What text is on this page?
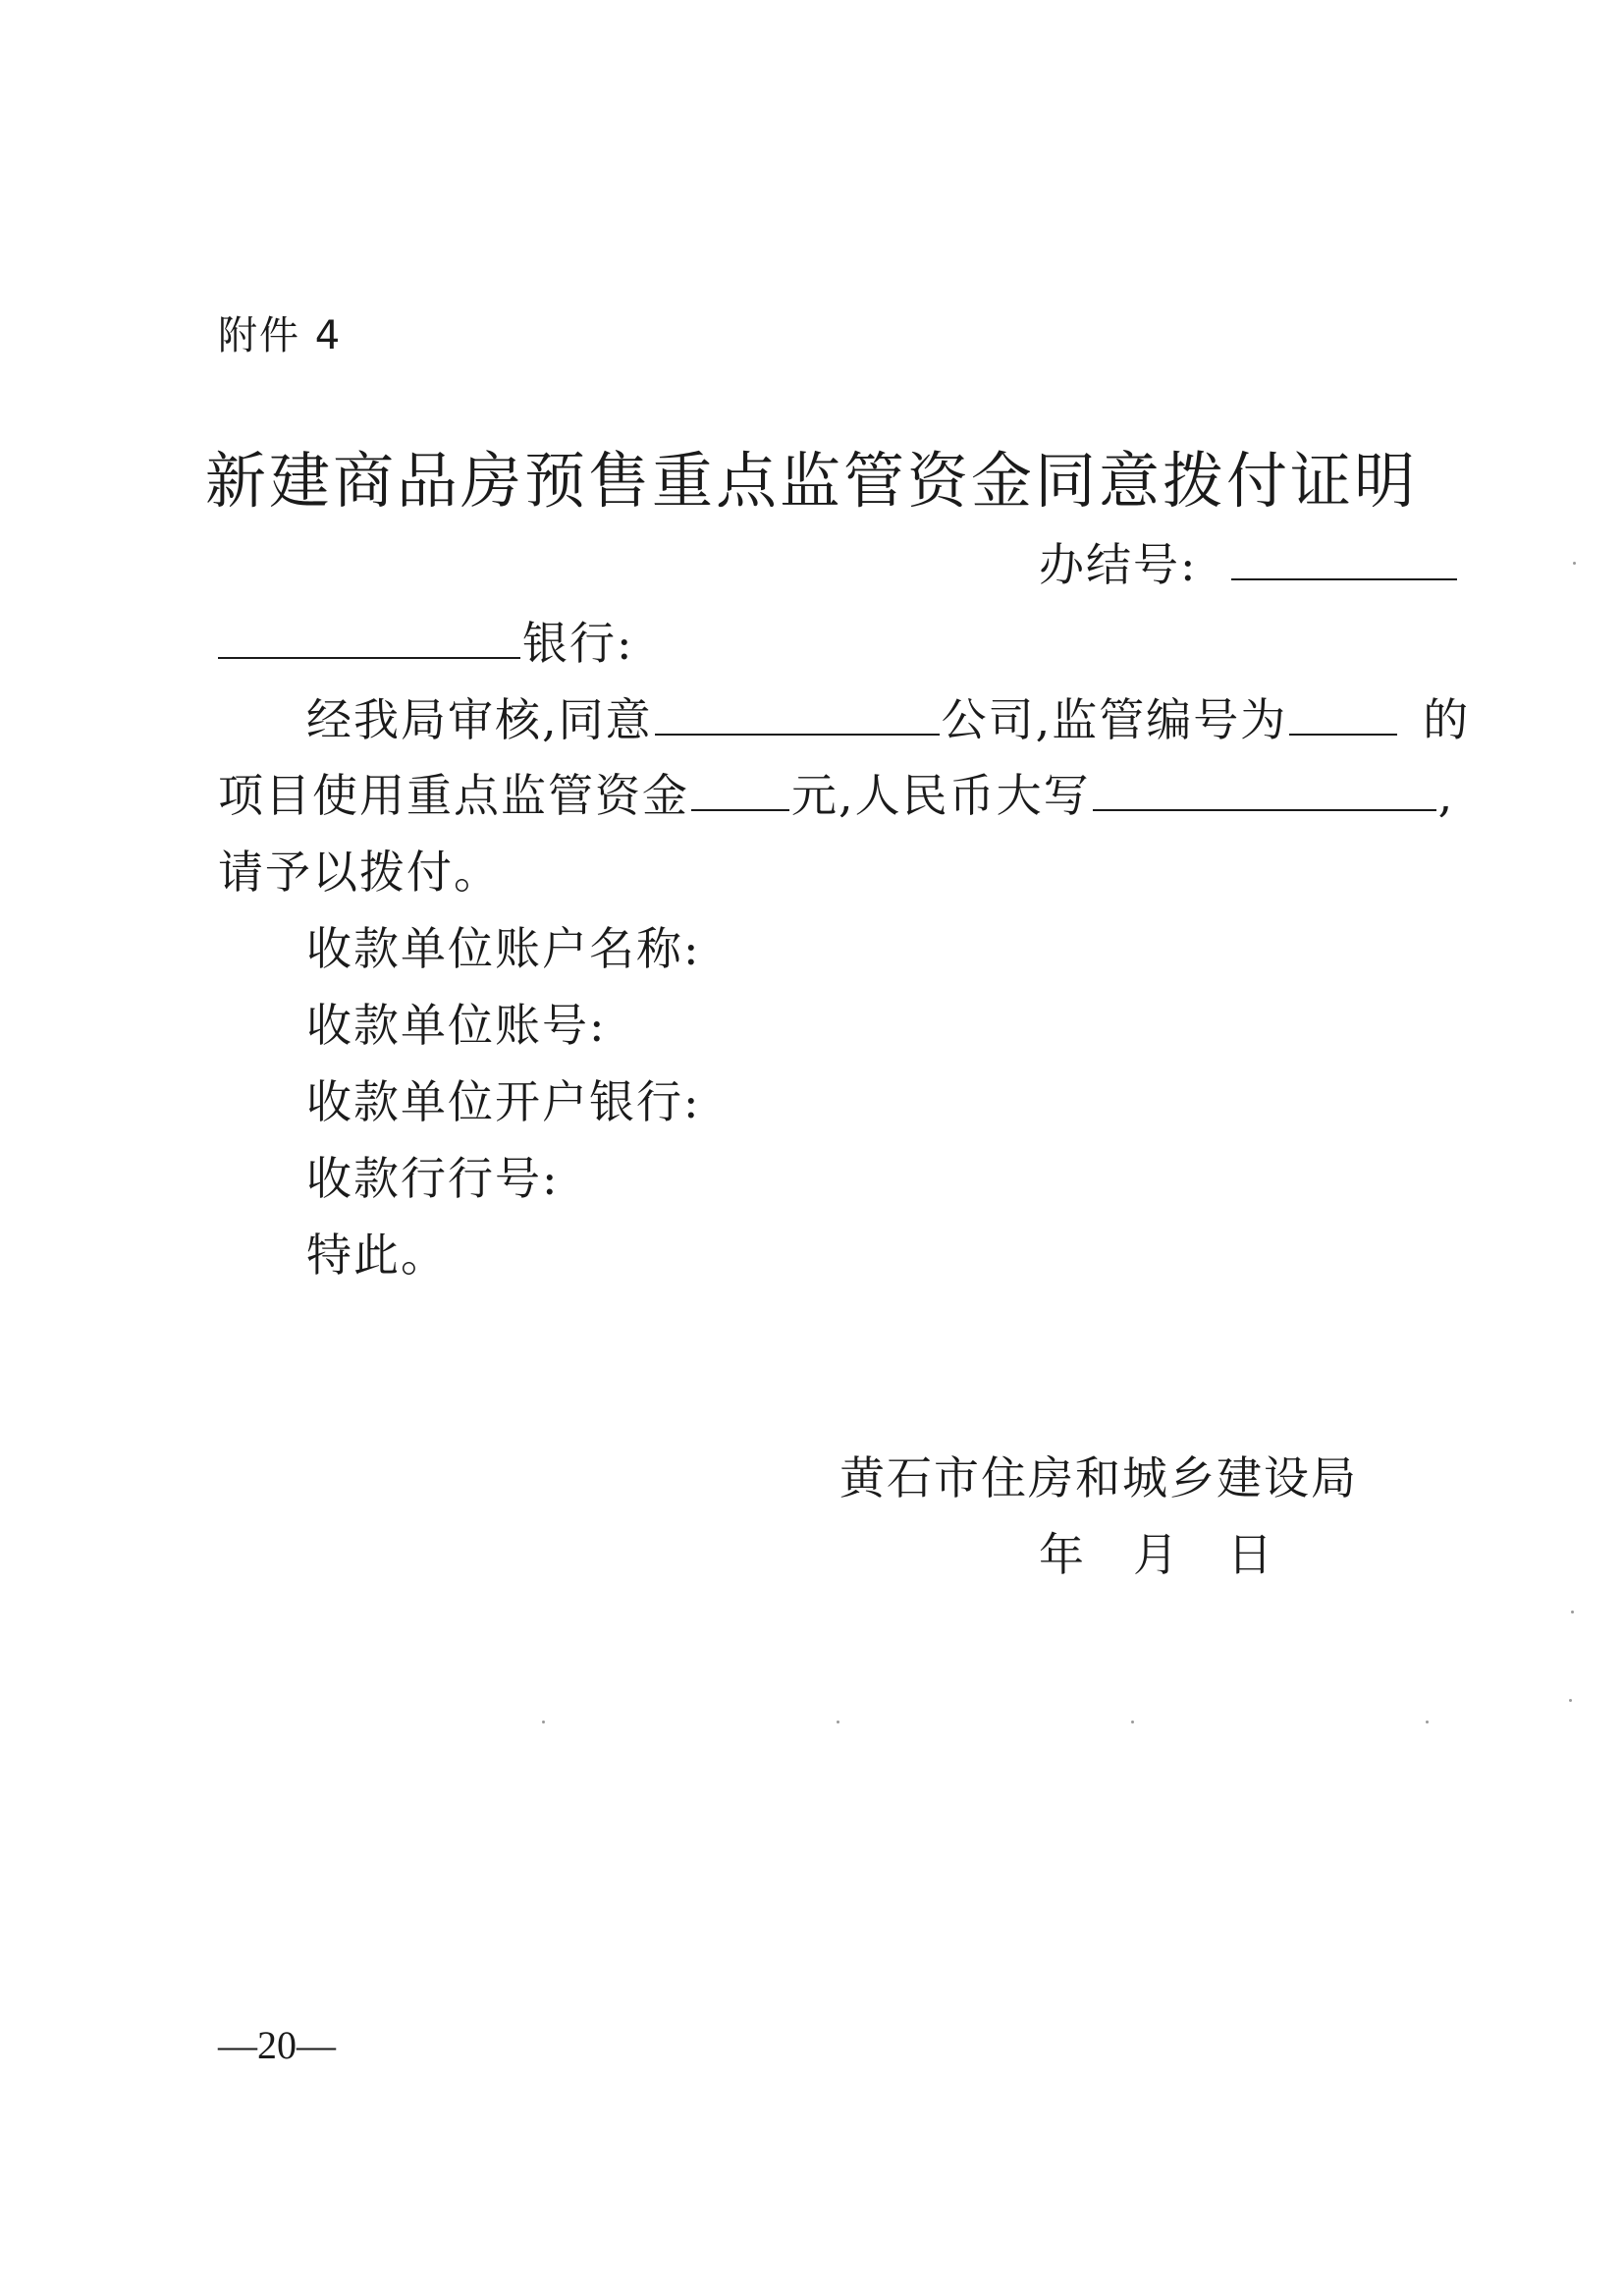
附件 4
新建商品房预售重点监管资金同意拨付证明
办结号:
银行:
经我局审核,同意	公司,监管编号为	的
项目使用重点监管资金 元,人民币大写	,
请予以拨付。
收款单位账户名称:
收款单位账号:
收款单位开户银行:
收款行行号:
特此。
黄石市住房和城乡建设局
年　月　日
—20—
